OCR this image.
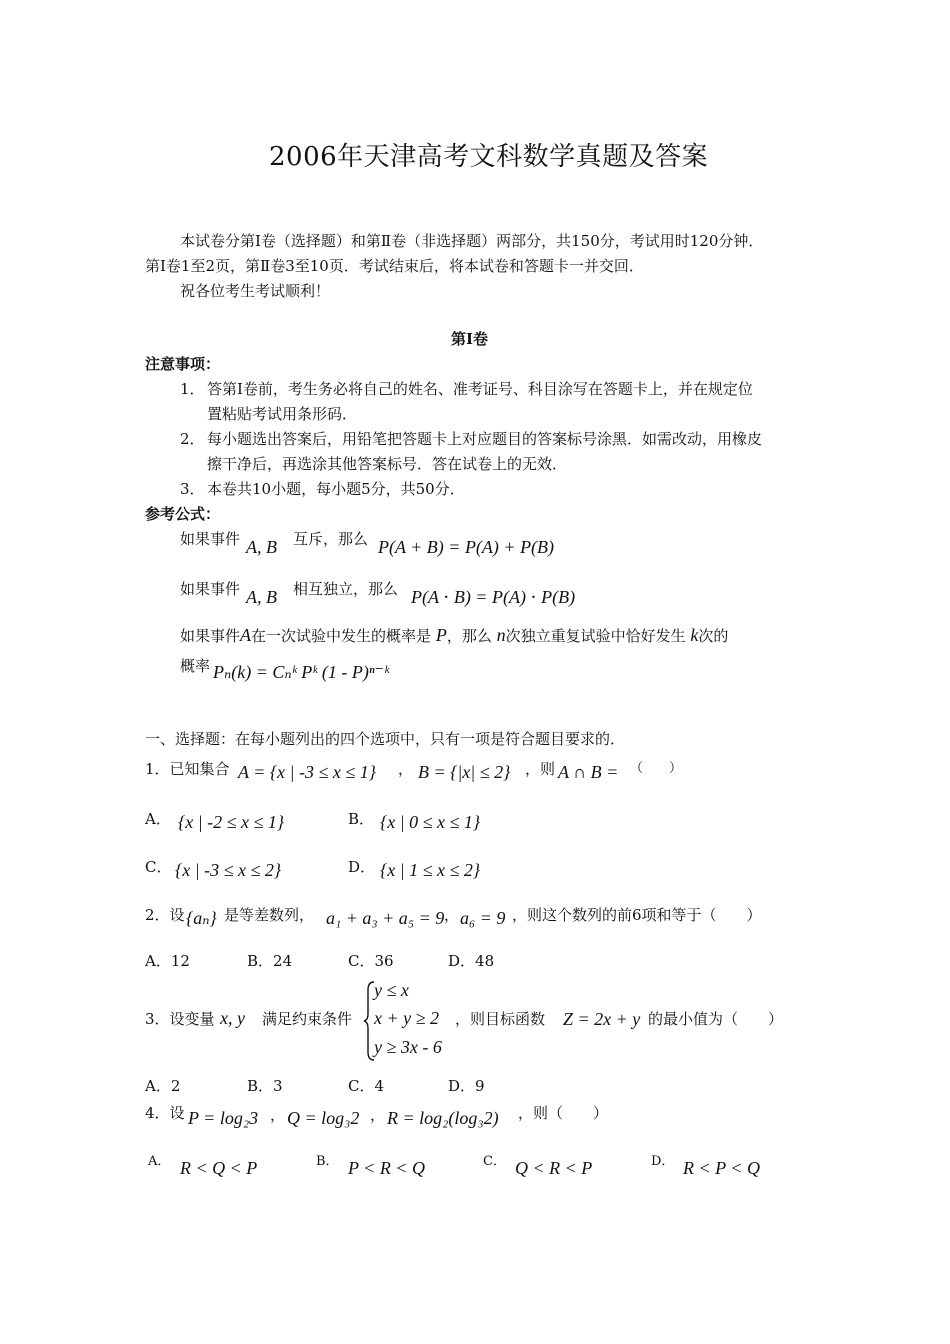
2006年天津高考文科数学真题及答案
本试卷分第Ⅰ卷（选择题）和第Ⅱ卷（非选择题）两部分，共150分，考试用时120分钟．
第Ⅰ卷1至2页，第Ⅱ卷3至10页．考试结束后，将本试卷和答题卡一并交回．
祝各位考生考试顺利！
第Ⅰ卷
注意事项：
1． 答第Ⅰ卷前，考生务必将自己的姓名、准考证号、科目涂写在答题卡上，并在规定位
置粘贴考试用条形码．
2． 每小题选出答案后，用铅笔把答题卡上对应题目的答案标号涂黑．如需改动，用橡皮
擦干净后，再选涂其他答案标号．答在试卷上的无效．
3． 本卷共10小题，每小题5分，共50分．
参考公式：
如果事件 A, B 互斥，那么 P(A + B) = P(A) + P(B)
如果事件 A, B 相互独立，那么 P(A ⋅ B) = P(A) ⋅ P(B)
如果事件A在一次试验中发生的概率是 P，那么 n次独立重复试验中恰好发生 k次的
概率 Pₙ(k) = Cₙᵏ Pᵏ (1 - P)ⁿ⁻ᵏ
一、选择题：在每小题列出的四个选项中，只有一项是符合题目要求的．
1．已知集合 A = {x | -3 ≤ x ≤ 1} ， B = {|x| ≤ 2} ，则 A ∩ B = （　　）
A． {x | -2 ≤ x ≤ 1}	B． {x | 0 ≤ x ≤ 1}
C． {x | -3 ≤ x ≤ 2}	D． {x | 1 ≤ x ≤ 2}
2．设 {aₙ} 是等差数列， a₁ + a₃ + a₅ = 9 ， a₆ = 9 ，则这个数列的前6项和等于（　　）
A．12	B．24	C．36	D．48
3．设变量 x, y 满足约束条件
y ≤ x
x + y ≥ 2
y ≥ 3x - 6
，则目标函数 Z = 2x + y 的最小值为（　　）
A．2	B．3	C．4	D．9
4．设 P = log₂3 ， Q = log₃2 ， R = log₂(log₃2) ，则（　　）
A． R < Q < P	B． P < R < Q	C． Q < R < P	D． R < P < Q
